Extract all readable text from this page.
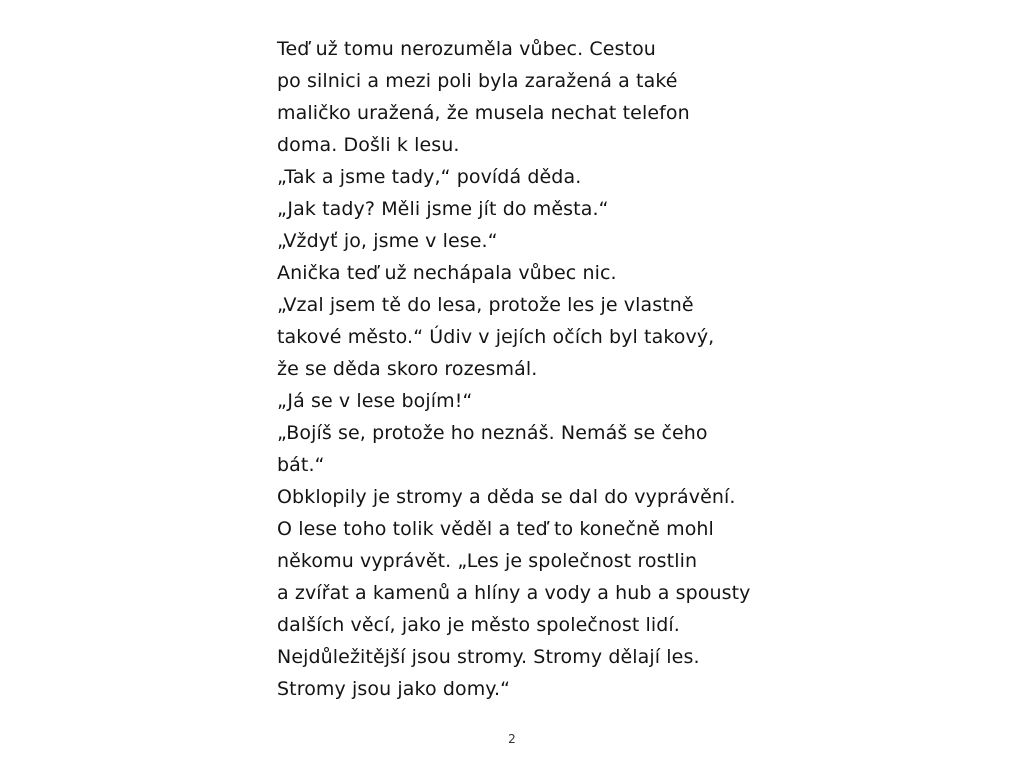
Teď už tomu nerozuměla vůbec. Cestou
po silnici a mezi poli byla zaražená a také
maličko uražená, že musela nechat telefon
doma. Došli k lesu.
„Tak a jsme tady,“ povídá děda.
„Jak tady? Měli jsme jít do města.“
„Vždyť jo, jsme v lese.“
Anička teď už nechápala vůbec nic.
„Vzal jsem tě do lesa, protože les je vlastně
takové město.“ Údiv v jejích očích byl takový,
že se děda skoro rozesmál.
„Já se v lese bojím!“
„Bojíš se, protože ho neznáš. Nemáš se čeho
bát.“
Obklopily je stromy a děda se dal do vyprávění.
O lese toho tolik věděl a teď to konečně mohl
někomu vyprávět. „Les je společnost rostlin
a zvířat a kamenů a hlíny a vody a hub a spousty
dalších věcí, jako je město společnost lidí.
Nejdůležitější jsou stromy. Stromy dělají les.
Stromy jsou jako domy.“
2
